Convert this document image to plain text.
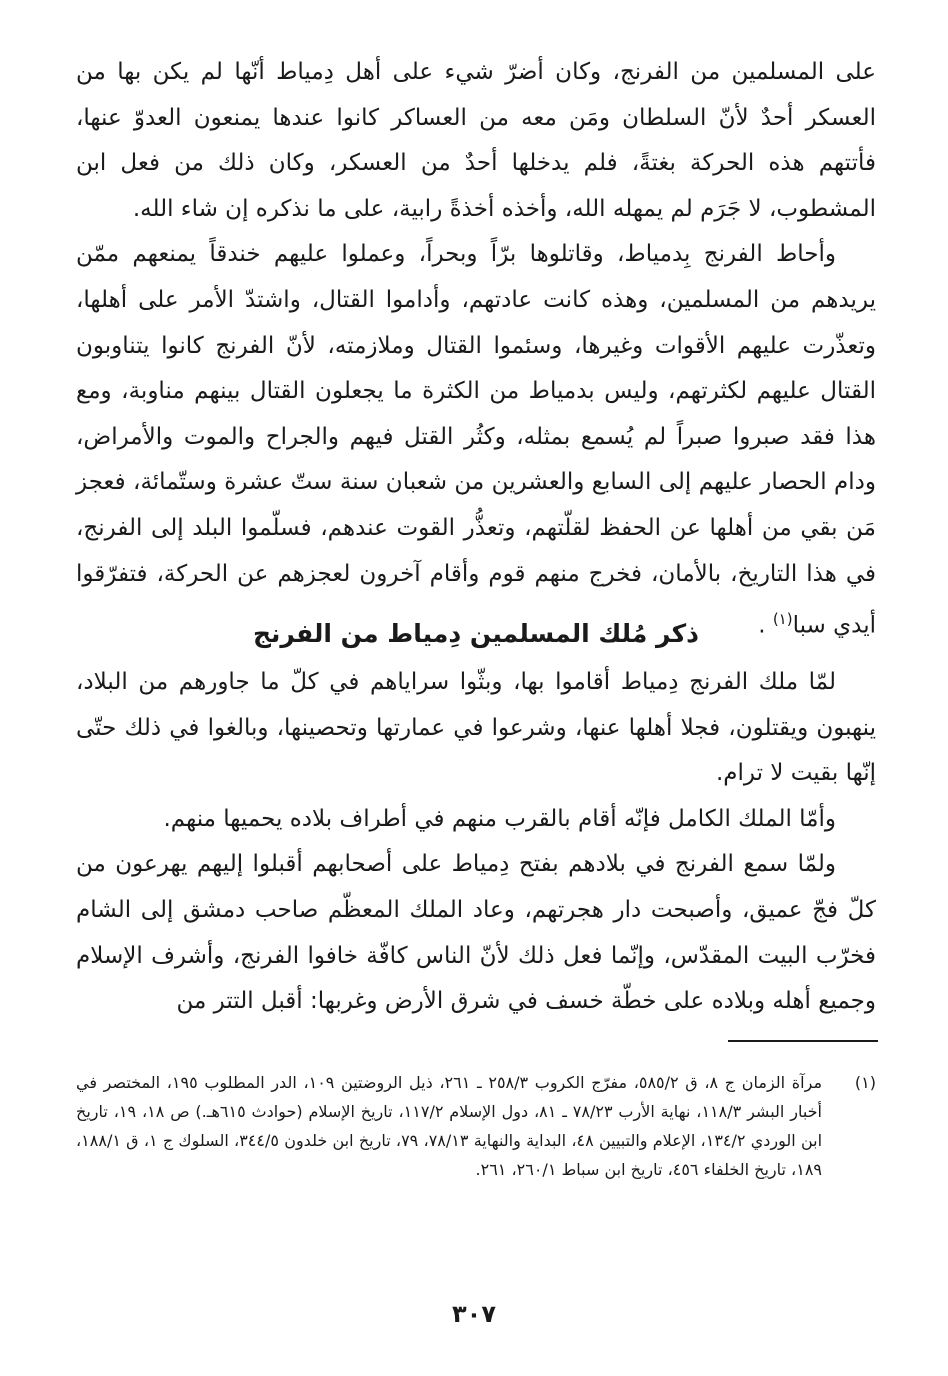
على المسلمين من الفرنج، وكان أضرّ شيء على أهل دِمياط أنّها لم يكن بها من العسكر أحدٌ لأنّ السلطان ومَن معه من العساكر كانوا عندها يمنعون العدوّ عنها، فأتتهم هذه الحركة بغتةً، فلم يدخلها أحدٌ من العسكر، وكان ذلك من فعل ابن المشطوب، لا جَرَم لم يمهله الله، وأخذه أخذةً رابية، على ما نذكره إن شاء الله.

وأحاط الفرنج بِدمياط، وقاتلوها برّاً وبحراً، وعملوا عليهم خندقاً يمنعهم ممّن يريدهم من المسلمين، وهذه كانت عادتهم، وأداموا القتال، واشتدّ الأمر على أهلها، وتعذّرت عليهم الأقوات وغيرها، وسئموا القتال وملازمته، لأنّ الفرنج كانوا يتناوبون القتال عليهم لكثرتهم، وليس بدمياط من الكثرة ما يجعلون القتال بينهم مناوبة، ومع هذا فقد صبروا صبراً لم يُسمع بمثله، وكثُر القتل فيهم والجراح والموت والأمراض، ودام الحصار عليهم إلى السابع والعشرين من شعبان سنة ستّ عشرة وستّمائة، فعجز مَن بقي من أهلها عن الحفظ لقلّتهم، وتعذُّر القوت عندهم، فسلّموا البلد إلى الفرنج، في هذا التاريخ، بالأمان، فخرج منهم قوم وأقام آخرون لعجزهم عن الحركة، فتفرّقوا أيدي سبا$^{(١)}$ .

ذكر مُلك المسلمين دِمياط من الفرنج

لمّا ملك الفرنج دِمياط أقاموا بها، وبثّوا سراياهم في كلّ ما جاورهم من البلاد، ينهبون ويقتلون، فجلا أهلها عنها، وشرعوا في عمارتها وتحصينها، وبالغوا في ذلك حتّى إنّها بقيت لا ترام.

وأمّا الملك الكامل فإنّه أقام بالقرب منهم في أطراف بلاده يحميها منهم.

ولمّا سمع الفرنج في بلادهم بفتح دِمياط على أصحابهم أقبلوا إليهم يهرعون من كلّ فجّ عميق، وأصبحت دار هجرتهم، وعاد الملك المعظّم صاحب دمشق إلى الشام فخرّب البيت المقدّس، وإنّما فعل ذلك لأنّ الناس كافّة خافوا الفرنج، وأشرف الإسلام وجميع أهله وبلاده على خطّة خسف في شرق الأرض وغربها: أقبل التتر من

(١)
مرآة الزمان ج ٨، ق ٥٨٥/٢، مفرّج الكروب ٢٥٨/٣ ـ ٢٦١، ذيل الروضتين ١٠٩، الدر المطلوب ١٩٥، المختصر في أخبار البشر ١١٨/٣، نهاية الأرب ٧٨/٢٣ ـ ٨١، دول الإسلام ١١٧/٢، تاريخ الإسلام (حوادث ٦١٥هـ.) ص ١٨، ١٩، تاريخ ابن الوردي ١٣٤/٢، الإعلام والتبيين ٤٨، البداية والنهاية ٧٨/١٣، ٧٩، تاريخ ابن خلدون ٣٤٤/٥، السلوك ج ١، ق ١٨٨/١، ١٨٩، تاريخ الخلفاء ٤٥٦، تاريخ ابن سباط ٢٦٠/١، ٢٦١.
٣٠٧
